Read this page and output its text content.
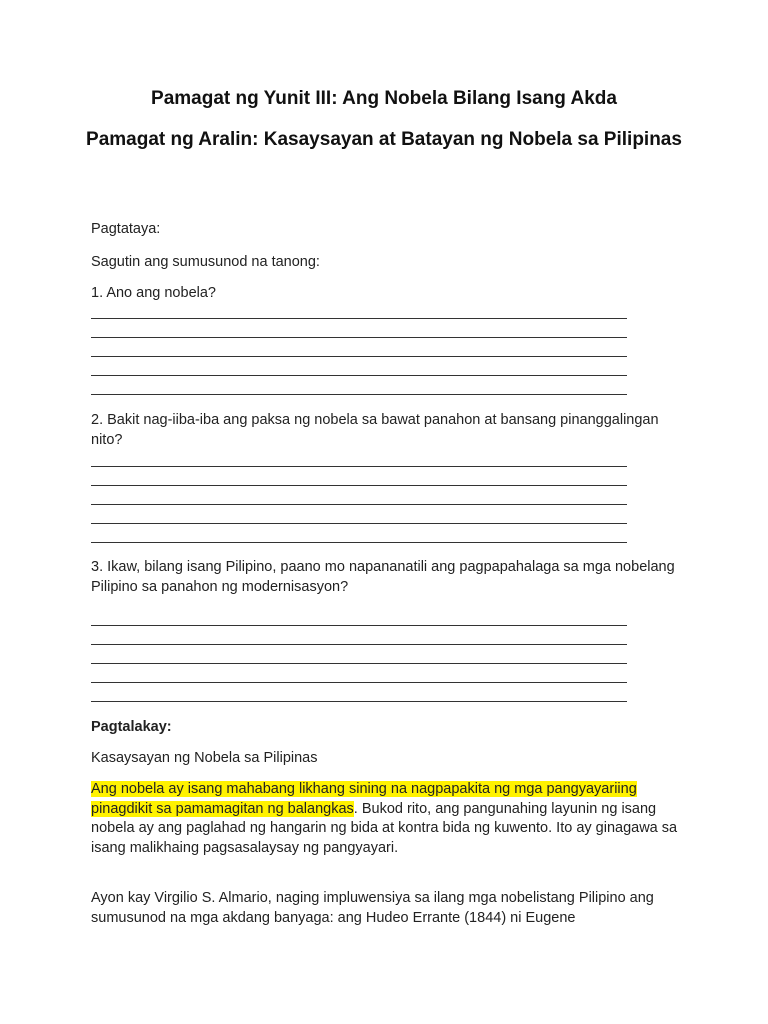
Pamagat ng Yunit III: Ang Nobela Bilang Isang Akda
Pamagat ng Aralin: Kasaysayan at Batayan ng Nobela sa Pilipinas

Pagtataya:

Sagutin ang sumusunod na tanong:

1. Ano ang nobela?

2. Bakit nag-iiba-iba ang paksa ng nobela sa bawat panahon at bansang pinanggalingan nito?

3. Ikaw, bilang isang Pilipino, paano mo napananatili ang pagpapahalaga sa mga nobelang Pilipino sa panahon ng modernisasyon?

Pagtalakay:

Kasaysayan ng Nobela sa Pilipinas

Ang nobela ay isang mahabang likhang sining na nagpapakita ng mga pangyayariing pinagdikit sa pamamagitan ng balangkas. Bukod rito, ang pangunahing layunin ng isang nobela ay ang paglahad ng hangarin ng bida at kontra bida ng kuwento. Ito ay ginagawa sa isang malikhaing pagsasalaysay ng pangyayari.

Ayon kay Virgilio S. Almario, naging impluwensiya sa ilang mga nobelistang Pilipino ang sumusunod na mga akdang banyaga: ang Hudeo Errante (1844) ni Eugene
